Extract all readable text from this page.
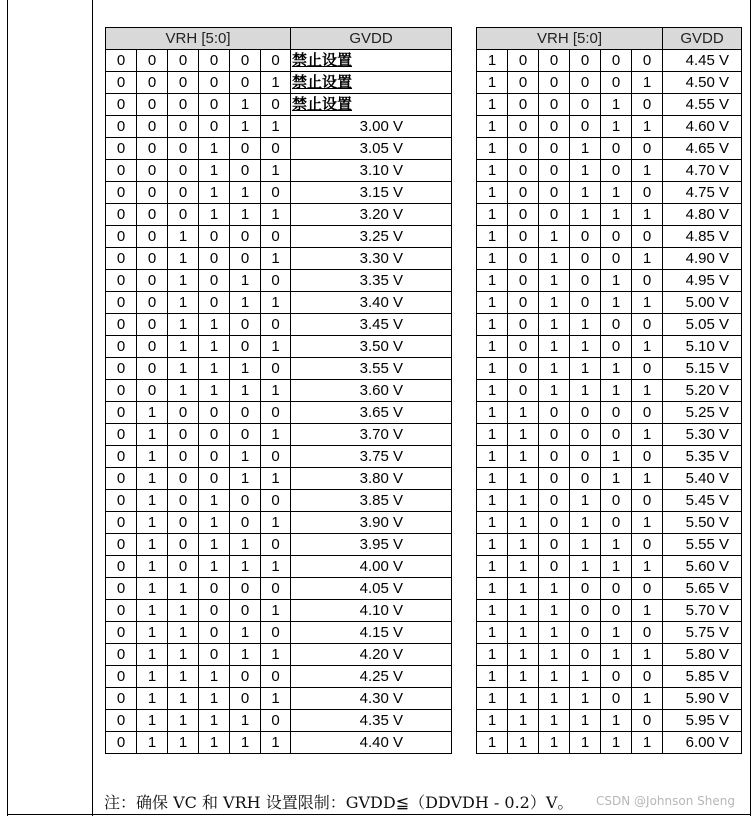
VRH [5:0]						GVDD
0	0	0	0	0	0	禁止设置
0	0	0	0	0	1	禁止设置
0	0	0	0	1	0	禁止设置
0	0	0	0	1	1	3.00 V
0	0	0	1	0	0	3.05 V
0	0	0	1	0	1	3.10 V
0	0	0	1	1	0	3.15 V
0	0	0	1	1	1	3.20 V
0	0	1	0	0	0	3.25 V
0	0	1	0	0	1	3.30 V
0	0	1	0	1	0	3.35 V
0	0	1	0	1	1	3.40 V
0	0	1	1	0	0	3.45 V
0	0	1	1	0	1	3.50 V
0	0	1	1	1	0	3.55 V
0	0	1	1	1	1	3.60 V
0	1	0	0	0	0	3.65 V
0	1	0	0	0	1	3.70 V
0	1	0	0	1	0	3.75 V
0	1	0	0	1	1	3.80 V
0	1	0	1	0	0	3.85 V
0	1	0	1	0	1	3.90 V
0	1	0	1	1	0	3.95 V
0	1	0	1	1	1	4.00 V
0	1	1	0	0	0	4.05 V
0	1	1	0	0	1	4.10 V
0	1	1	0	1	0	4.15 V
0	1	1	0	1	1	4.20 V
0	1	1	1	0	0	4.25 V
0	1	1	1	0	1	4.30 V
0	1	1	1	1	0	4.35 V
0	1	1	1	1	1	4.40 V
VRH [5:0]						GVDD
1	0	0	0	0	0	4.45 V
1	0	0	0	0	1	4.50 V
1	0	0	0	1	0	4.55 V
1	0	0	0	1	1	4.60 V
1	0	0	1	0	0	4.65 V
1	0	0	1	0	1	4.70 V
1	0	0	1	1	0	4.75 V
1	0	0	1	1	1	4.80 V
1	0	1	0	0	0	4.85 V
1	0	1	0	0	1	4.90 V
1	0	1	0	1	0	4.95 V
1	0	1	0	1	1	5.00 V
1	0	1	1	0	0	5.05 V
1	0	1	1	0	1	5.10 V
1	0	1	1	1	0	5.15 V
1	0	1	1	1	1	5.20 V
1	1	0	0	0	0	5.25 V
1	1	0	0	0	1	5.30 V
1	1	0	0	1	0	5.35 V
1	1	0	0	1	1	5.40 V
1	1	0	1	0	0	5.45 V
1	1	0	1	0	1	5.50 V
1	1	0	1	1	0	5.55 V
1	1	0	1	1	1	5.60 V
1	1	1	0	0	0	5.65 V
1	1	1	0	0	1	5.70 V
1	1	1	0	1	0	5.75 V
1	1	1	0	1	1	5.80 V
1	1	1	1	0	0	5.85 V
1	1	1	1	0	1	5.90 V
1	1	1	1	1	0	5.95 V
1	1	1	1	1	1	6.00 V
注：确保 VC 和 VRH 设置限制：GVDD≦（DDVDH - 0.2）V。 CSDN @Johnson Sheng
